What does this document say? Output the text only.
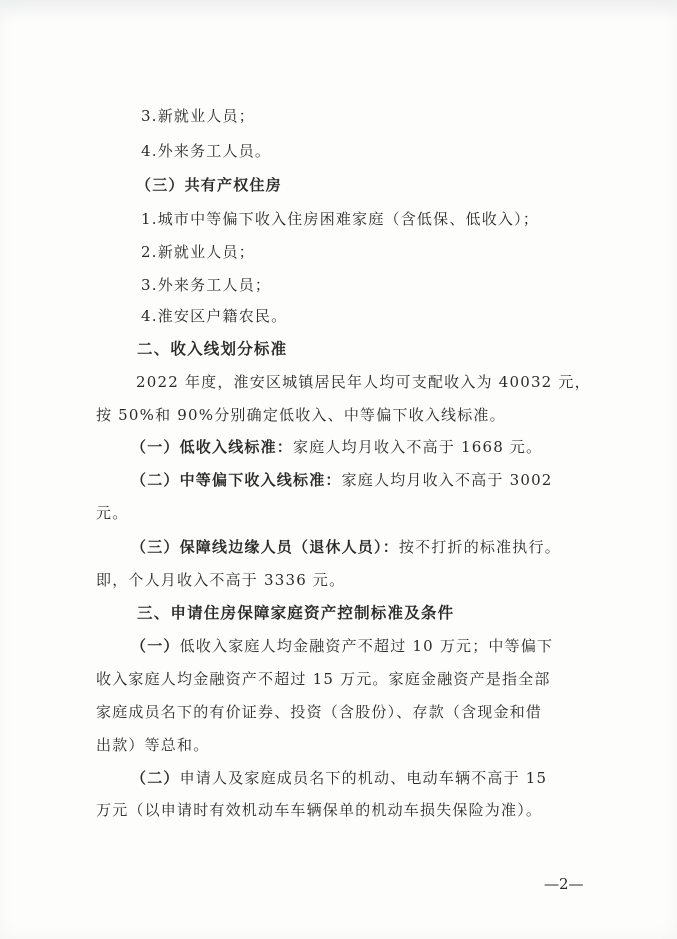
3.新就业人员；
4.外来务工人员。
（三）共有产权住房
1.城市中等偏下收入住房困难家庭（含低保、低收入）；
2.新就业人员；
3.外来务工人员；
4.淮安区户籍农民。
二、收入线划分标准
2022 年度，淮安区城镇居民年人均可支配收入为 40032 元，
按 50%和 90%分别确定低收入、中等偏下收入线标准。
（一）低收入线标准：家庭人均月收入不高于 1668 元。
（二）中等偏下收入线标准：家庭人均月收入不高于 3002
元。
（三）保障线边缘人员（退休人员）：按不打折的标准执行。
即，个人月收入不高于 3336 元。
三、申请住房保障家庭资产控制标准及条件
（一）低收入家庭人均金融资产不超过 10 万元；中等偏下
收入家庭人均金融资产不超过 15 万元。家庭金融资产是指全部
家庭成员名下的有价证券、投资（含股份）、存款（含现金和借
出款）等总和。
（二）申请人及家庭成员名下的机动、电动车辆不高于 15
万元（以申请时有效机动车车辆保单的机动车损失保险为准）。
—2—
